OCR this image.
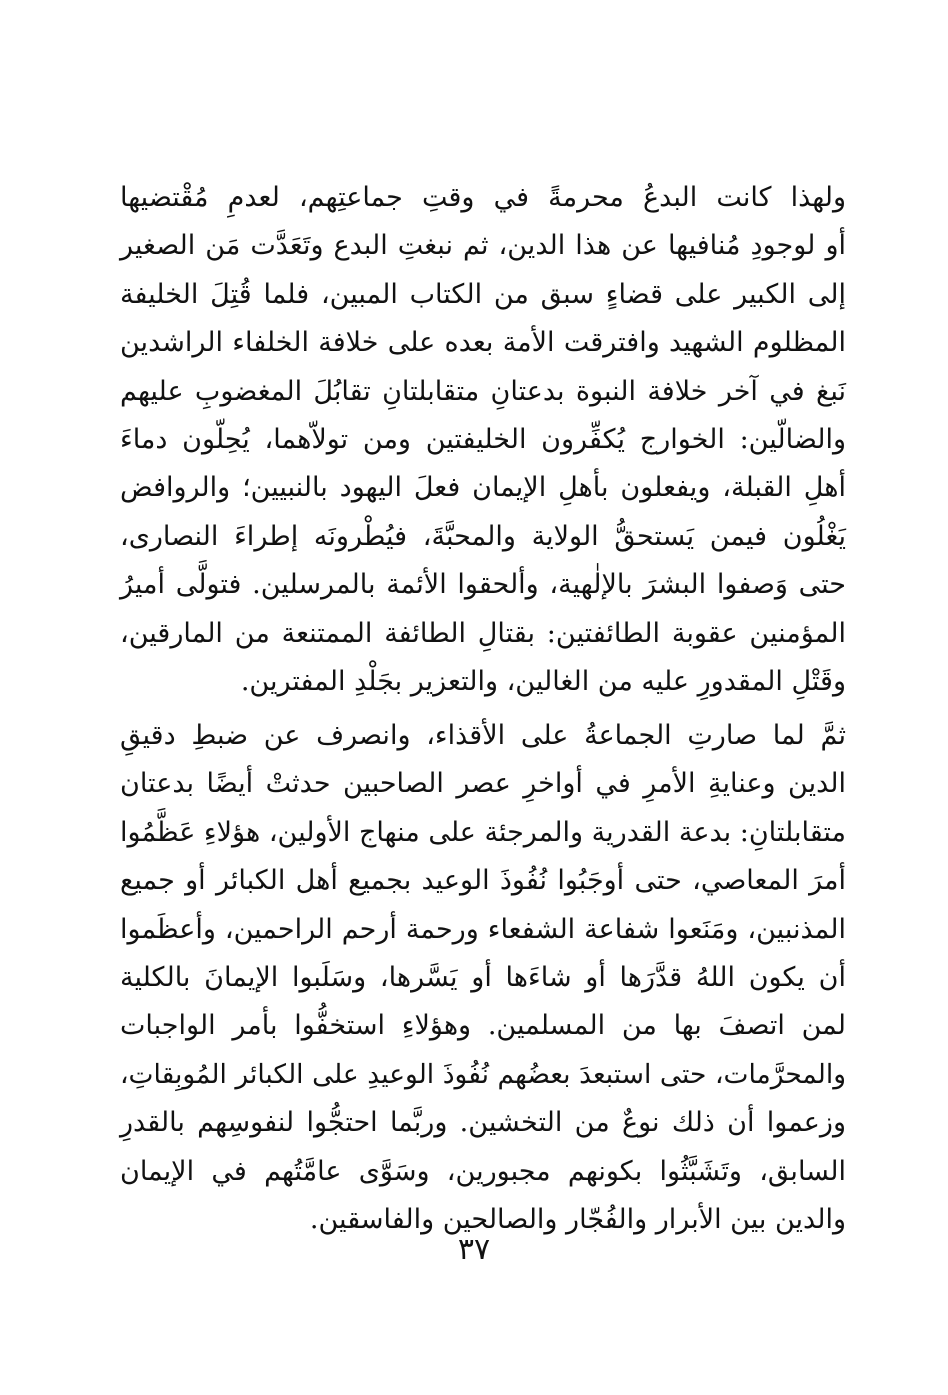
ولهذا كانت البدعُ محرمةً في وقتِ جماعتِهم، لعدمِ مُقْتضيها
أو لوجودِ مُنافيها عن هذا الدين، ثم نبغتِ البدع وتَعَدَّت مَن الصغير
إلى الكبير على قضاءٍ سبق من الكتاب المبين، فلما قُتِلَ الخليفة
المظلوم الشهيد وافترقت الأمة بعده على خلافة الخلفاء الراشدين
نَبغ في آخر خلافة النبوة بدعتانِ متقابلتانِ تقابُلَ المغضوبِ عليهم
والضالّين: الخوارج يُكفِّرون الخليفتين ومن تولاّهما، يُحِلّون دماءَ
أهلِ القبلة، ويفعلون بأهلِ الإيمان فعلَ اليهود بالنبيين؛ والروافض
يَغْلُون فيمن يَستحقُّ الولاية والمحبَّةَ، فيُطْرونَه إطراءَ النصارى،
حتى وَصفوا البشرَ بالإلٰهية، وألحقوا الأئمة بالمرسلين. فتولَّى أميرُ
المؤمنين عقوبة الطائفتين: بقتالِ الطائفة الممتنعة من المارقين،
وقَتْلِ المقدورِ عليه من الغالين، والتعزير بجَلْدِ المفترين.
ثمَّ لما صارتِ الجماعةُ على الأقذاء، وانصرف عن ضبطِ دقيقِ
الدين وعنايةِ الأمرِ في أواخرِ عصر الصاحبين حدثتْ أيضًا بدعتان
متقابلتانِ: بدعة القدرية والمرجئة على منهاج الأولين، هؤلاءِ عَظَّمُوا
أمرَ المعاصي، حتى أوجَبُوا نُفُوذَ الوعيد بجميع أهل الكبائر أو جميع
المذنبين، ومَنَعوا شفاعة الشفعاء ورحمة أرحم الراحمين، وأعظَموا
أن يكون اللهُ قدَّرَها أو شاءَها أو يَسَّرها، وسَلَبوا الإيمانَ بالكلية
لمن اتصفَ بها من المسلمين. وهؤلاءِ استخفُّوا بأمر الواجبات
والمحرَّمات، حتى استبعدَ بعضُهم نُفُوذَ الوعيدِ على الكبائر المُوبِقاتِ،
وزعموا أن ذلك نوعٌ من التخشين. وربَّما احتجُّوا لنفوسِهم بالقدرِ
السابق، وتَشَبَّثُوا بكونهم مجبورين، وسَوَّى عامَّتُهم في الإيمان
والدين بين الأبرار والفُجّار والصالحين والفاسقين.
٣٧
